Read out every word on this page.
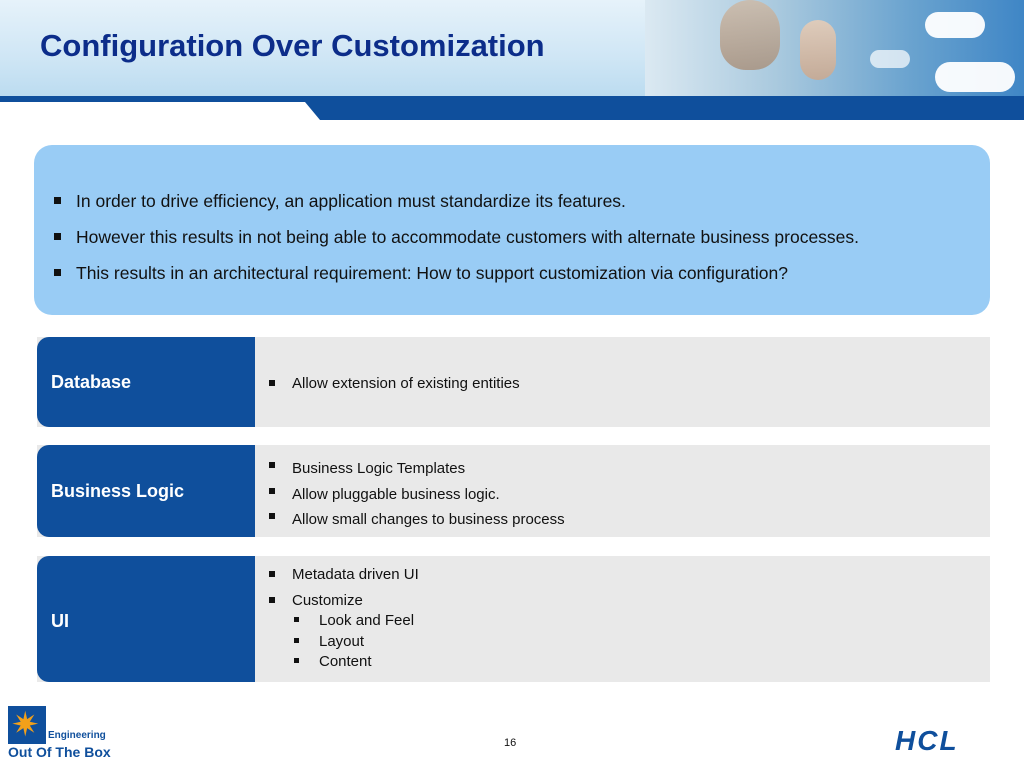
Configuration Over Customization
In order to drive efficiency, an application must standardize its features.
However this results in not being able to accommodate customers with alternate business processes.
This results in an architectural requirement: How to support customization via configuration?
Database	Allow extension of existing entities
Business Logic
Business Logic Templates
Allow pluggable business logic.
Allow small changes to business process
UI
Metadata driven UI
Customize
Look and Feel
Layout
Content
✷ Engineering
Out Of The Box
16	HCL
